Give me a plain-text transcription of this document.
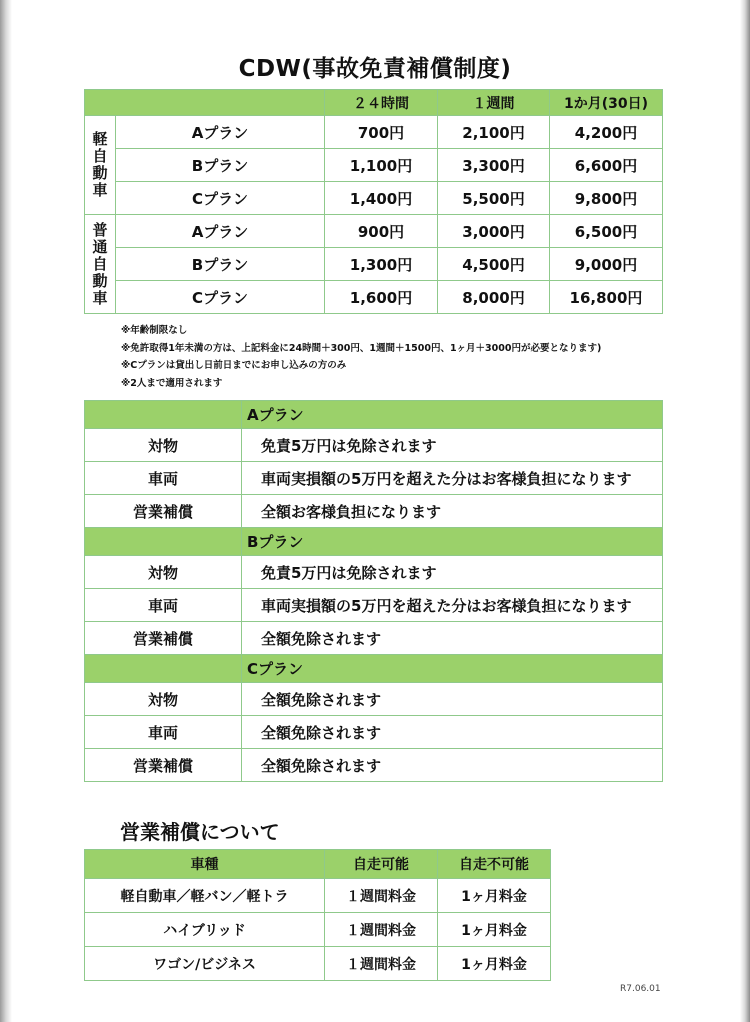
CDW(事故免責補償制度)
		２４時間	１週間	1か月(30日)

軽
自
動
車	Aプラン	700円	2,100円	4,200円
	Bプラン	1,100円	3,300円	6,600円
	Cプラン	1,400円	5,500円	9,800円

普
通
自
動
車	Aプラン	900円	3,000円	6,500円
	Bプラン	1,300円	4,500円	9,000円
	Cプラン	1,600円	8,000円	16,800円
※年齢制限なし
※免許取得1年未満の方は、上記料金に24時間＋300円、1週間＋1500円、1ヶ月＋3000円が必要となります)
※Cプランは貸出し日前日までにお申し込みの方のみ
※2人まで適用されます
	Aプラン
対物	免責5万円は免除されます
車両	車両実損額の5万円を超えた分はお客様負担になります
営業補償	全額お客様負担になります
	Bプラン
対物	免責5万円は免除されます
車両	車両実損額の5万円を超えた分はお客様負担になります
営業補償	全額免除されます
	Cプラン
対物	全額免除されます
車両	全額免除されます
営業補償	全額免除されます
営業補償について
車種	自走可能	自走不可能
軽自動車／軽バン／軽トラ	１週間料金	1ヶ月料金
ハイブリッド	１週間料金	1ヶ月料金
ワゴン/ビジネス	１週間料金	1ヶ月料金
R7.06.01
